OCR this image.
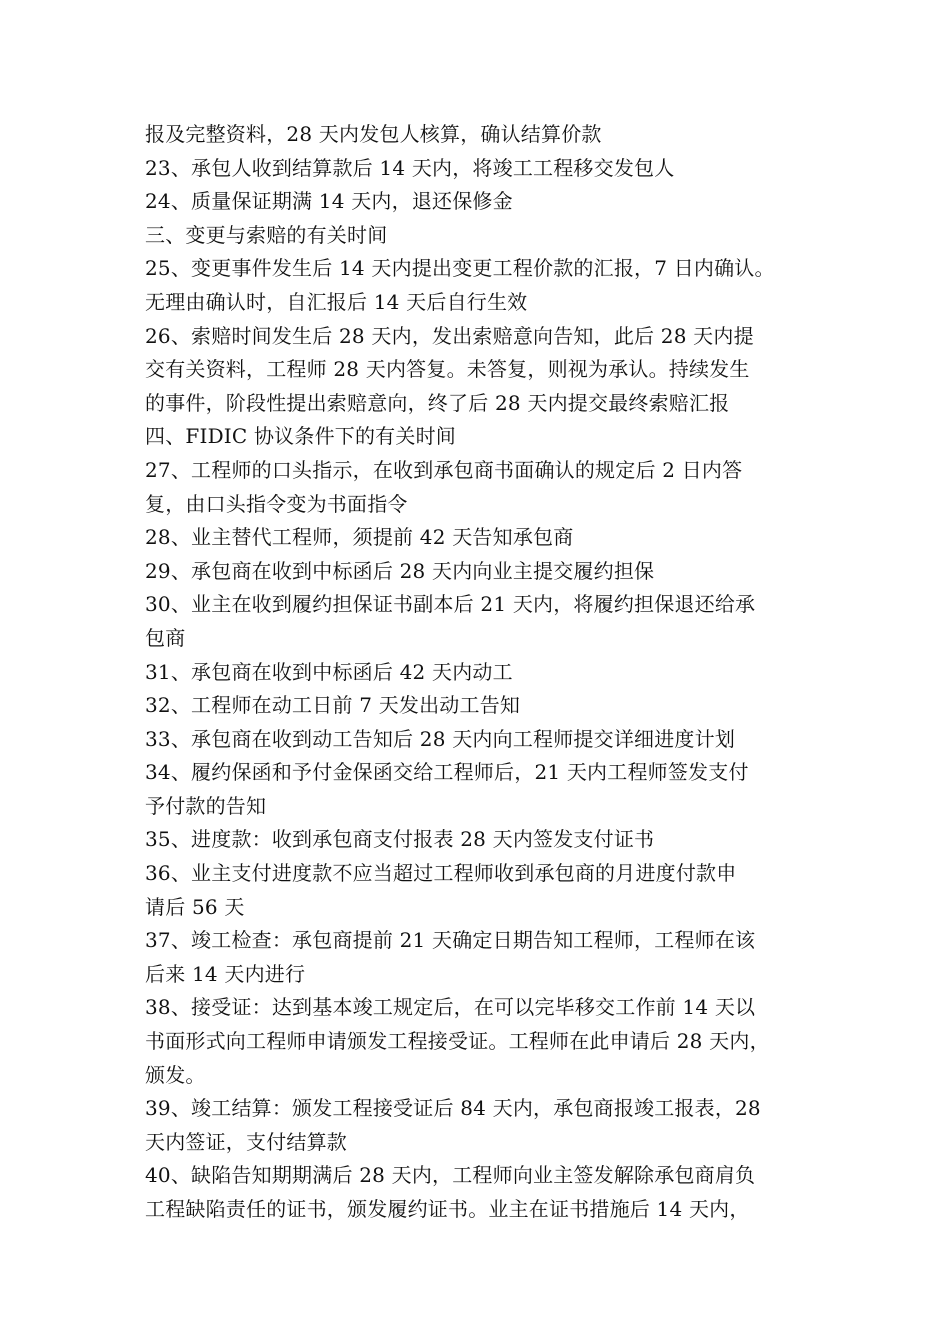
报及完整资料，28 天内发包人核算，确认结算价款
23、承包人收到结算款后 14 天内，将竣工工程移交发包人
24、质量保证期满 14 天内，退还保修金
三、变更与索赔的有关时间
25、变更事件发生后 14 天内提出变更工程价款的汇报，7 日内确认。
无理由确认时，自汇报后 14 天后自行生效
26、索赔时间发生后 28 天内，发出索赔意向告知，此后 28 天内提
交有关资料，工程师 28 天内答复。未答复，则视为承认。持续发生
的事件，阶段性提出索赔意向，终了后 28 天内提交最终索赔汇报
四、FIDIC 协议条件下的有关时间
27、工程师的口头指示，在收到承包商书面确认的规定后 2 日内答
复，由口头指令变为书面指令
28、业主替代工程师，须提前 42 天告知承包商
29、承包商在收到中标函后 28 天内向业主提交履约担保
30、业主在收到履约担保证书副本后 21 天内，将履约担保退还给承
包商
31、承包商在收到中标函后 42 天内动工
32、工程师在动工日前 7 天发出动工告知
33、承包商在收到动工告知后 28 天内向工程师提交详细进度计划
34、履约保函和予付金保函交给工程师后，21 天内工程师签发支付
予付款的告知
35、进度款：收到承包商支付报表 28 天内签发支付证书
36、业主支付进度款不应当超过工程师收到承包商的月进度付款申
请后 56 天
37、竣工检查：承包商提前 21 天确定日期告知工程师，工程师在该
后来 14 天内进行
38、接受证：达到基本竣工规定后，在可以完毕移交工作前 14 天以
书面形式向工程师申请颁发工程接受证。工程师在此申请后 28 天内，
颁发。
39、竣工结算：颁发工程接受证后 84 天内，承包商报竣工报表，28
天内签证，支付结算款
40、缺陷告知期期满后 28 天内，工程师向业主签发解除承包商肩负
工程缺陷责任的证书，颁发履约证书。业主在证书措施后 14 天内，
